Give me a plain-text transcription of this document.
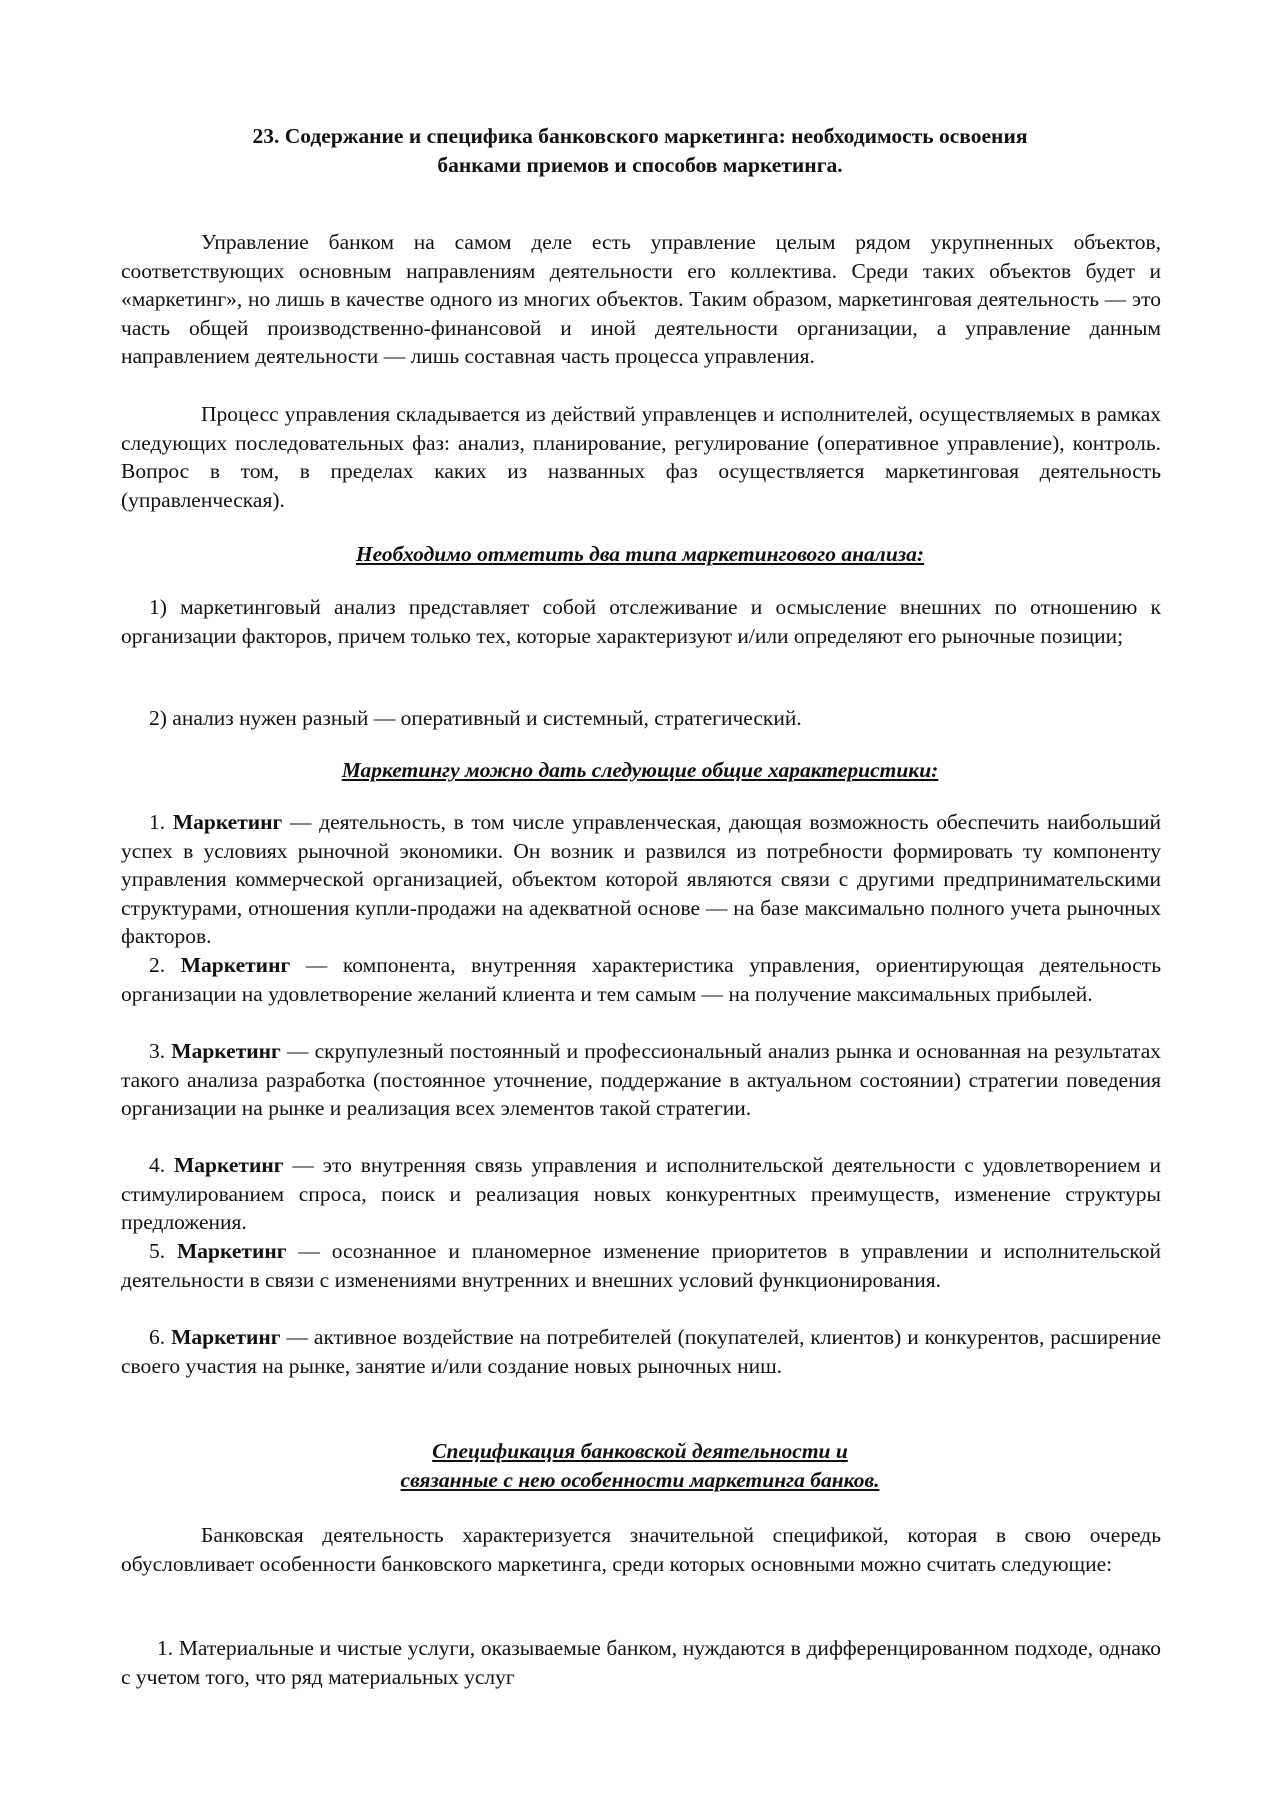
23. Содержание и специфика банковского маркетинга: необходимость освоения
банками приемов и способов маркетинга.

Управление банком на самом деле есть управление целым рядом укрупненных объектов, соответствующих основным направлениям деятельности его коллектива. Среди таких объектов будет и «маркетинг», но лишь в качестве одного из многих объектов. Таким образом, маркетинговая деятельность — это часть общей производственно-финансовой и иной деятельности организации, а управление данным направлением деятельности — лишь составная часть процесса управления.

Процесс управления складывается из действий управленцев и исполнителей, осуществляемых в рамках следующих последовательных фаз: анализ, планирование, регулирование (оперативное управление), контроль. Вопрос в том, в пределах каких из названных фаз осуществляется маркетинговая деятельность (управленческая).

Необходимо отметить два типа маркетингового анализа:

1) маркетинговый анализ представляет собой отслеживание и осмысление внешних по отношению к организации факторов, причем только тех, которые характеризуют и/или определяют его рыночные позиции;

2) анализ нужен разный — оперативный и системный, стратегический.

Маркетингу можно дать следующие общие характеристики:

1. Маркетинг — деятельность, в том числе управленческая, дающая возможность обеспечить наибольший успех в условиях рыночной экономики. Он возник и развился из потребности формировать ту компоненту управления коммерческой организацией, объектом которой являются связи с другими предпринимательскими структурами, отношения купли-продажи на адекватной основе — на базе максимально полного учета рыночных факторов.

2. Маркетинг — компонента, внутренняя характеристика управления, ориентирующая деятельность организации на удовлетворение желаний клиента и тем самым — на получение максимальных прибылей.

3. Маркетинг — скрупулезный постоянный и профессиональный анализ рынка и основанная на результатах такого анализа разработка (постоянное уточнение, поддержание в актуальном состоянии) стратегии поведения организации на рынке и реализация всех элементов такой стратегии.

4. Маркетинг — это внутренняя связь управления и исполнительской деятельности с удовлетворением и стимулированием спроса, поиск и реализация новых конкурентных преимуществ, изменение структуры предложения.

5. Маркетинг — осознанное и планомерное изменение приоритетов в управлении и исполнительской деятельности в связи с изменениями внутренних и внешних условий функционирования.

6. Маркетинг — активное воздействие на потребителей (покупателей, клиентов) и конкурентов, расширение своего участия на рынке, занятие и/или создание новых рыночных ниш.

Спецификация банковской деятельности и
связанные с нею особенности маркетинга банков.

Банковская деятельность характеризуется значительной спецификой, которая в свою очередь обусловливает особенности банковского маркетинга, среди которых основными можно считать следующие:

1. Материальные и чистые услуги, оказываемые банком, нуждаются в дифференцированном подходе, однако с учетом того, что ряд материальных услуг
